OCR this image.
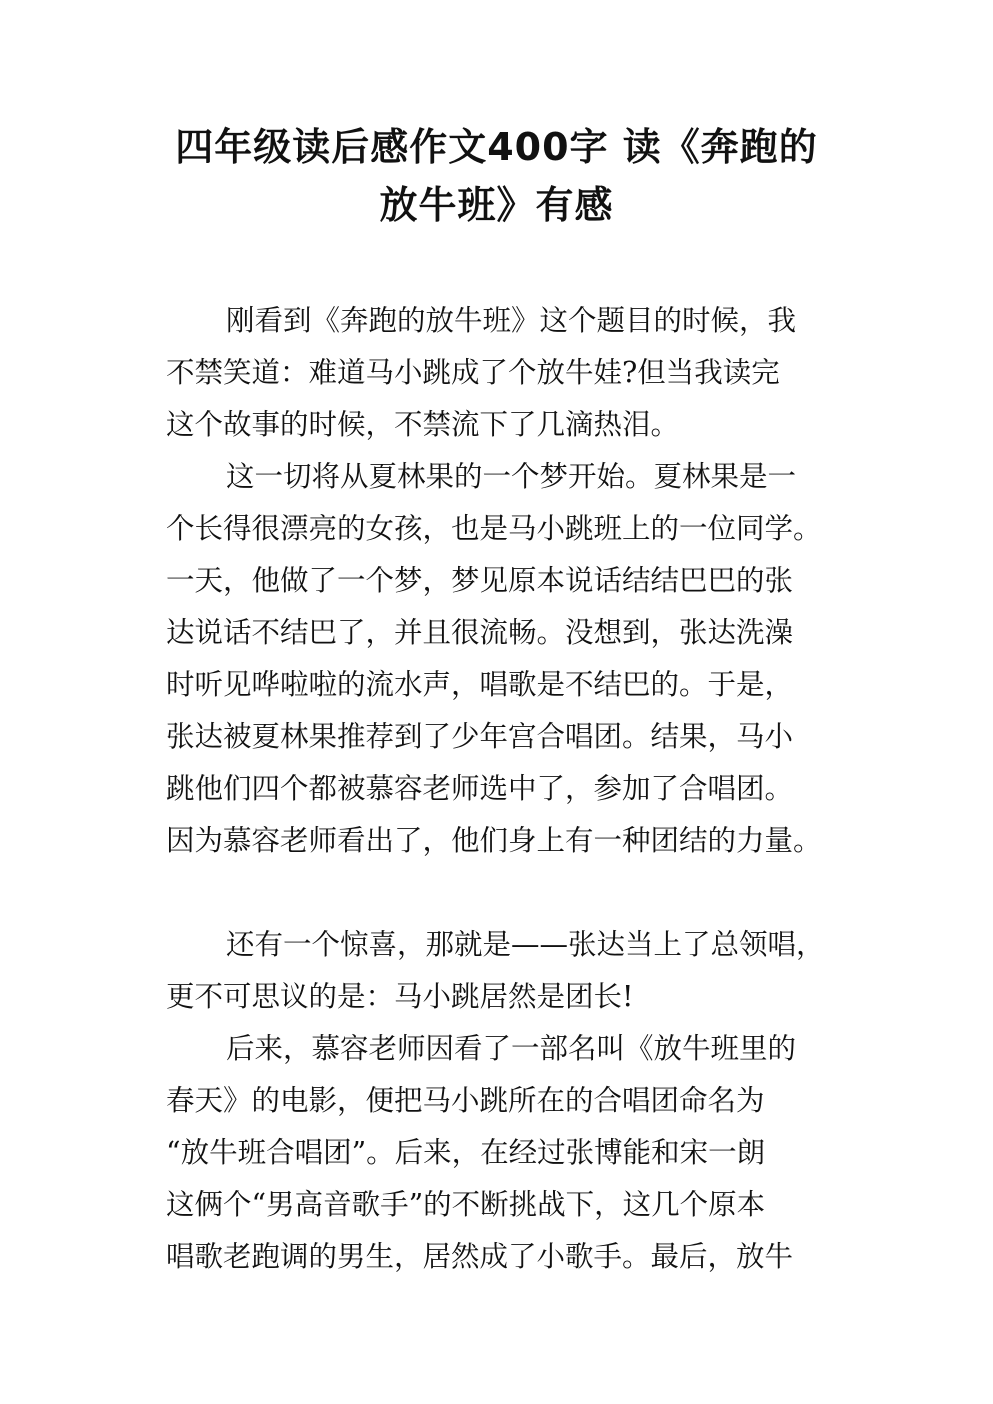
四年级读后感作文400字 读《奔跑的
放牛班》有感
刚看到《奔跑的放牛班》这个题目的时候，我
不禁笑道：难道马小跳成了个放牛娃?但当我读完
这个故事的时候，不禁流下了几滴热泪。
这一切将从夏林果的一个梦开始。夏林果是一
个长得很漂亮的女孩，也是马小跳班上的一位同学。
一天，他做了一个梦，梦见原本说话结结巴巴的张
达说话不结巴了，并且很流畅。没想到，张达洗澡
时听见哗啦啦的流水声，唱歌是不结巴的。于是，
张达被夏林果推荐到了少年宫合唱团。结果，马小
跳他们四个都被慕容老师选中了，参加了合唱团。
因为慕容老师看出了，他们身上有一种团结的力量。
还有一个惊喜，那就是——张达当上了总领唱，
更不可思议的是：马小跳居然是团长!
后来，慕容老师因看了一部名叫《放牛班里的
春天》的电影，便把马小跳所在的合唱团命名为
“放牛班合唱团”。后来，在经过张博能和宋一朗
这俩个“男高音歌手”的不断挑战下，这几个原本
唱歌老跑调的男生，居然成了小歌手。最后，放牛
